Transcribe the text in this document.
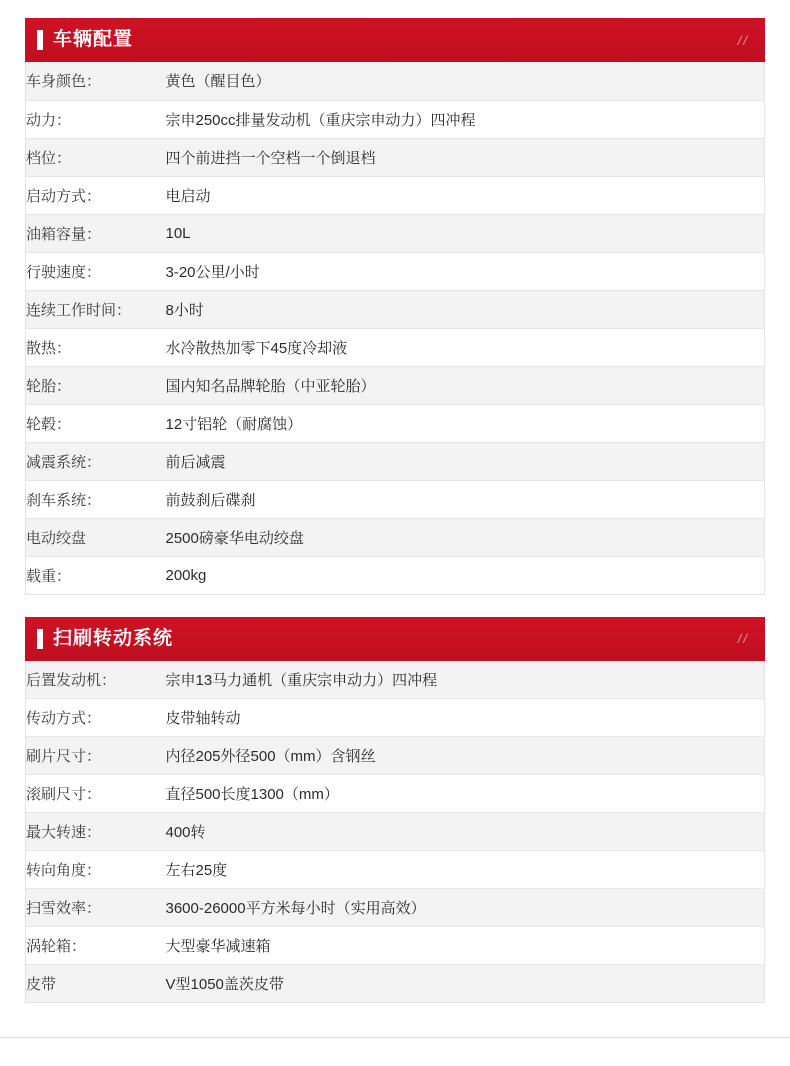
车辆配置	//
车身颜色：	黄色（醒目色）
动力：	宗申250cc排量发动机（重庆宗申动力）四冲程
档位：	四个前进挡一个空档一个倒退档
启动方式：	电启动
油箱容量：	10L
行驶速度：	3-20公里/小时
连续工作时间：	8小时
散热：	水冷散热加零下45度冷却液
轮胎：	国内知名品牌轮胎（中亚轮胎）
轮毂：	12寸铝轮（耐腐蚀）
减震系统：	前后减震
刹车系统：	前鼓刹后碟刹
电动绞盘	2500磅豪华电动绞盘
载重：	200kg
扫刷转动系统	//
后置发动机：	宗申13马力通机（重庆宗申动力）四冲程
传动方式：	皮带轴转动
刷片尺寸：	内径205外径500（mm）含钢丝
滚刷尺寸：	直径500长度1300（mm）
最大转速：	400转
转向角度：	左右25度
扫雪效率：	3600-26000平方米每小时（实用高效）
涡轮箱：	大型豪华减速箱
皮带	V型1050盖茨皮带
